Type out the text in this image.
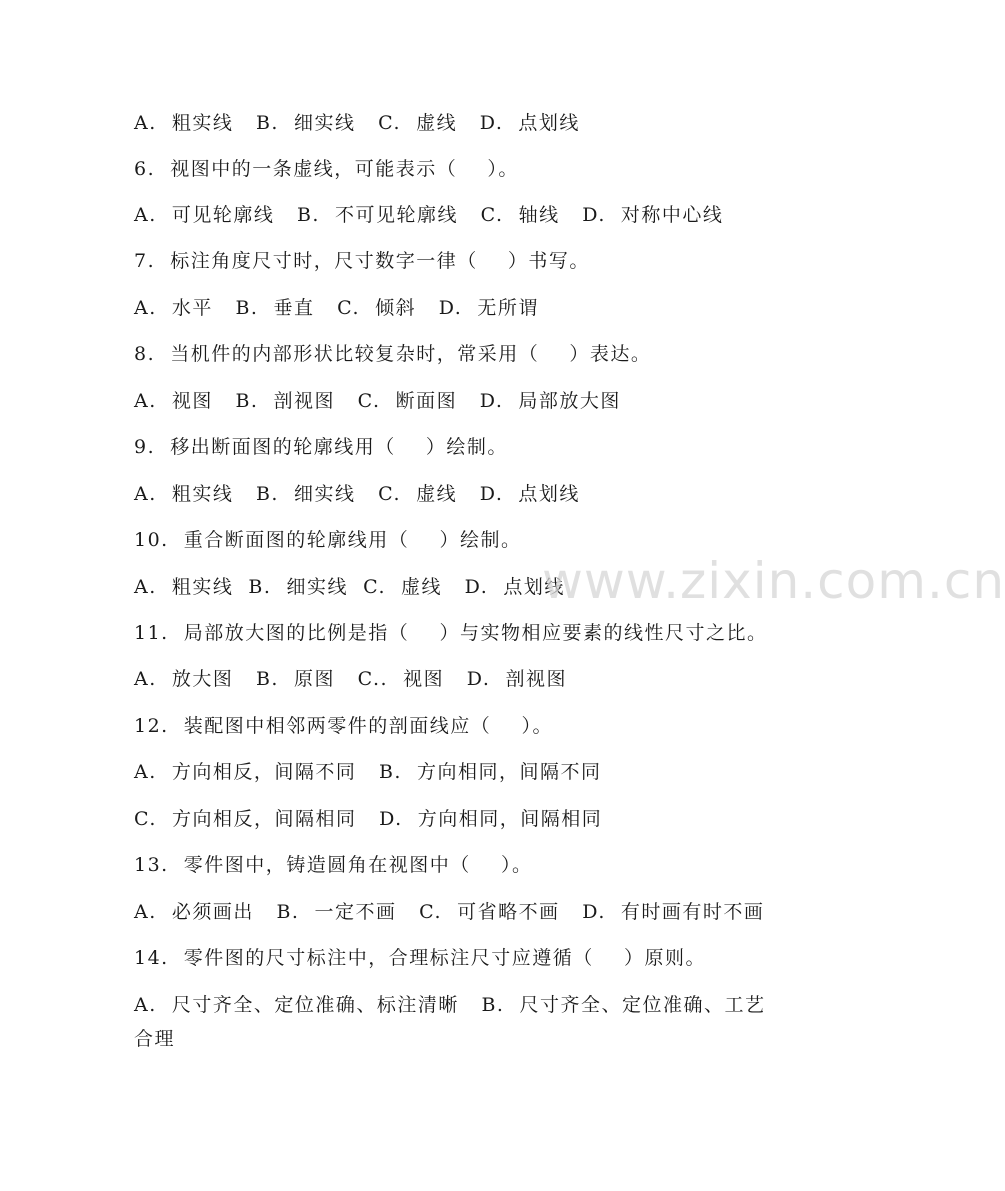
A.  粗实线   B.  细实线   C.  虚线   D.  点划线
6.  视图中的一条虚线，可能表示（    ）。
A.  可见轮廓线   B.  不可见轮廓线   C.  轴线   D.  对称中心线
7.  标注角度尺寸时，尺寸数字一律（    ）书写。
A.  水平   B.  垂直   C.  倾斜   D.  无所谓
8.  当机件的内部形状比较复杂时，常采用（    ）表达。
A.  视图   B.  剖视图   C.  断面图   D.  局部放大图
9.  移出断面图的轮廓线用（    ）绘制。
A.  粗实线   B.  细实线   C.  虚线   D.  点划线
10.  重合断面图的轮廓线用（    ）绘制。
A.  粗实线  B.  细实线  C.  虚线   D.  点划线
11.  局部放大图的比例是指（    ）与实物相应要素的线性尺寸之比。
A.  放大图   B.  原图   C..  视图   D.  剖视图
12.  装配图中相邻两零件的剖面线应（    ）。
A.  方向相反，间隔不同   B.  方向相同，间隔不同
C.  方向相反，间隔相同   D.  方向相同，间隔相同
13.  零件图中，铸造圆角在视图中（    ）。
A.  必须画出   B.  一定不画   C.  可省略不画   D.  有时画有时不画
14.  零件图的尺寸标注中，合理标注尺寸应遵循（    ）原则。
A.  尺寸齐全、定位准确、标注清晰   B.  尺寸齐全、定位准确、工艺合理
www.zixin.com.cn
